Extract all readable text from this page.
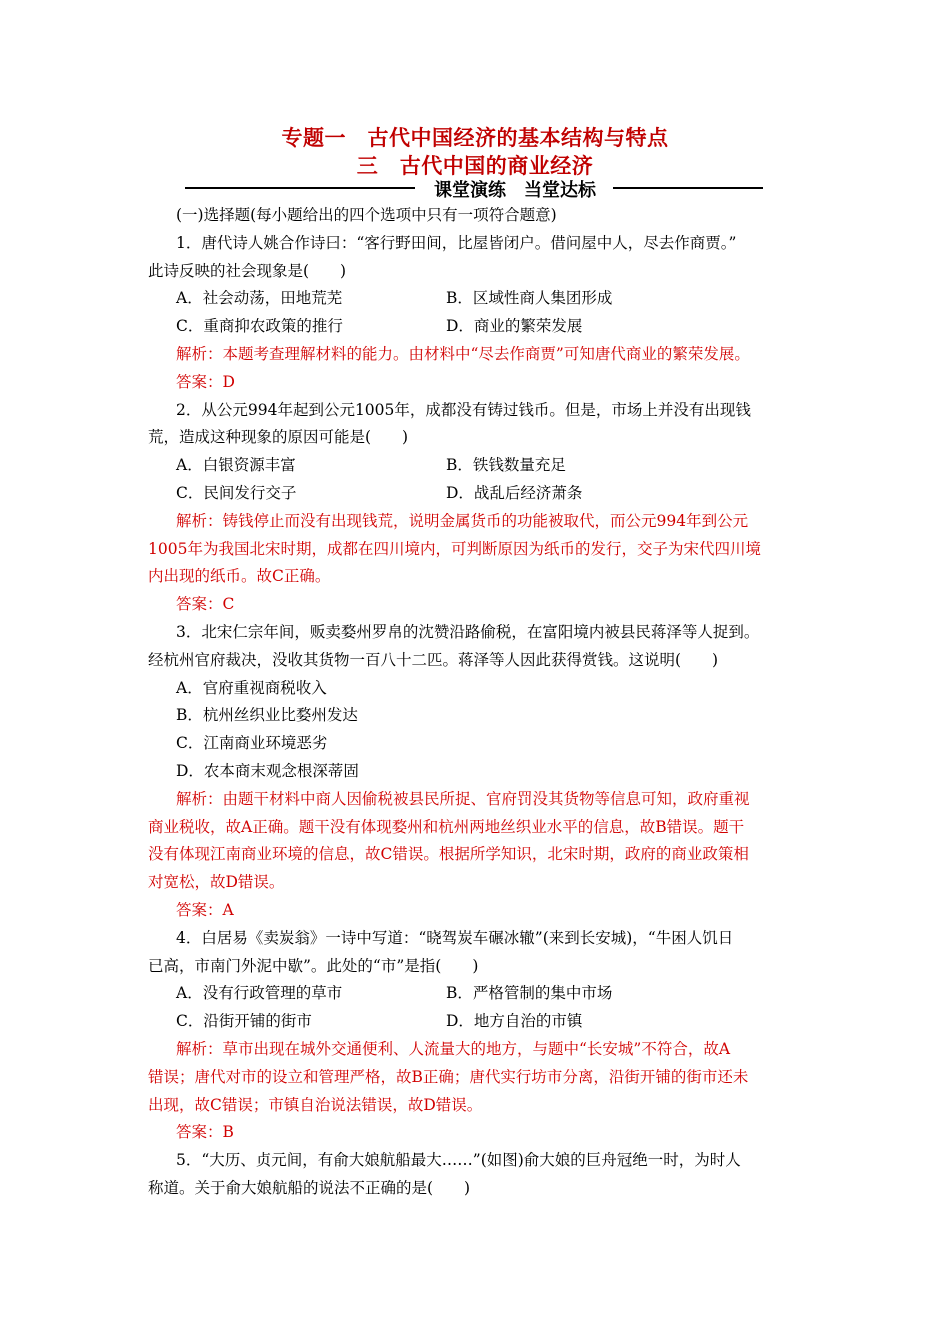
专题一　古代中国经济的基本结构与特点
三　古代中国的商业经济
课堂演练　当堂达标
(一)选择题(每小题给出的四个选项中只有一项符合题意)
1．唐代诗人姚合作诗曰：“客行野田间，比屋皆闭户。借问屋中人，尽去作商贾。”
此诗反映的社会现象是(　　)
A．社会动荡，田地荒芜	B．区域性商人集团形成
C．重商抑农政策的推行	D．商业的繁荣发展
解析：本题考查理解材料的能力。由材料中“尽去作商贾”可知唐代商业的繁荣发展。
答案：D
2．从公元994年起到公元1005年，成都没有铸过钱币。但是，市场上并没有出现钱
荒，造成这种现象的原因可能是(　　)
A．白银资源丰富	B．铁钱数量充足
C．民间发行交子	D．战乱后经济萧条
解析：铸钱停止而没有出现钱荒，说明金属货币的功能被取代，而公元994年到公元
1005年为我国北宋时期，成都在四川境内，可判断原因为纸币的发行，交子为宋代四川境
内出现的纸币。故C正确。
答案：C
3．北宋仁宗年间，贩卖婺州罗帛的沈赞沿路偷税，在富阳境内被县民蒋泽等人捉到。
经杭州官府裁决，没收其货物一百八十二匹。蒋泽等人因此获得赏钱。这说明(　　)
A．官府重视商税收入
B．杭州丝织业比婺州发达
C．江南商业环境恶劣
D．农本商末观念根深蒂固
解析：由题干材料中商人因偷税被县民所捉、官府罚没其货物等信息可知，政府重视
商业税收，故A正确。题干没有体现婺州和杭州两地丝织业水平的信息，故B错误。题干
没有体现江南商业环境的信息，故C错误。根据所学知识，北宋时期，政府的商业政策相
对宽松，故D错误。
答案：A
4．白居易《卖炭翁》一诗中写道：“晓驾炭车碾冰辙”(来到长安城)，“牛困人饥日
已高，市南门外泥中歇”。此处的“市”是指(　　)
A．没有行政管理的草市	B．严格管制的集中市场
C．沿街开铺的街市	D．地方自治的市镇
解析：草市出现在城外交通便利、人流量大的地方，与题中“长安城”不符合，故A
错误；唐代对市的设立和管理严格，故B正确；唐代实行坊市分离，沿街开铺的街市还未
出现，故C错误；市镇自治说法错误，故D错误。
答案：B
5．“大历、贞元间，有俞大娘航船最大……”(如图)俞大娘的巨舟冠绝一时，为时人
称道。关于俞大娘航船的说法不正确的是(　　)
